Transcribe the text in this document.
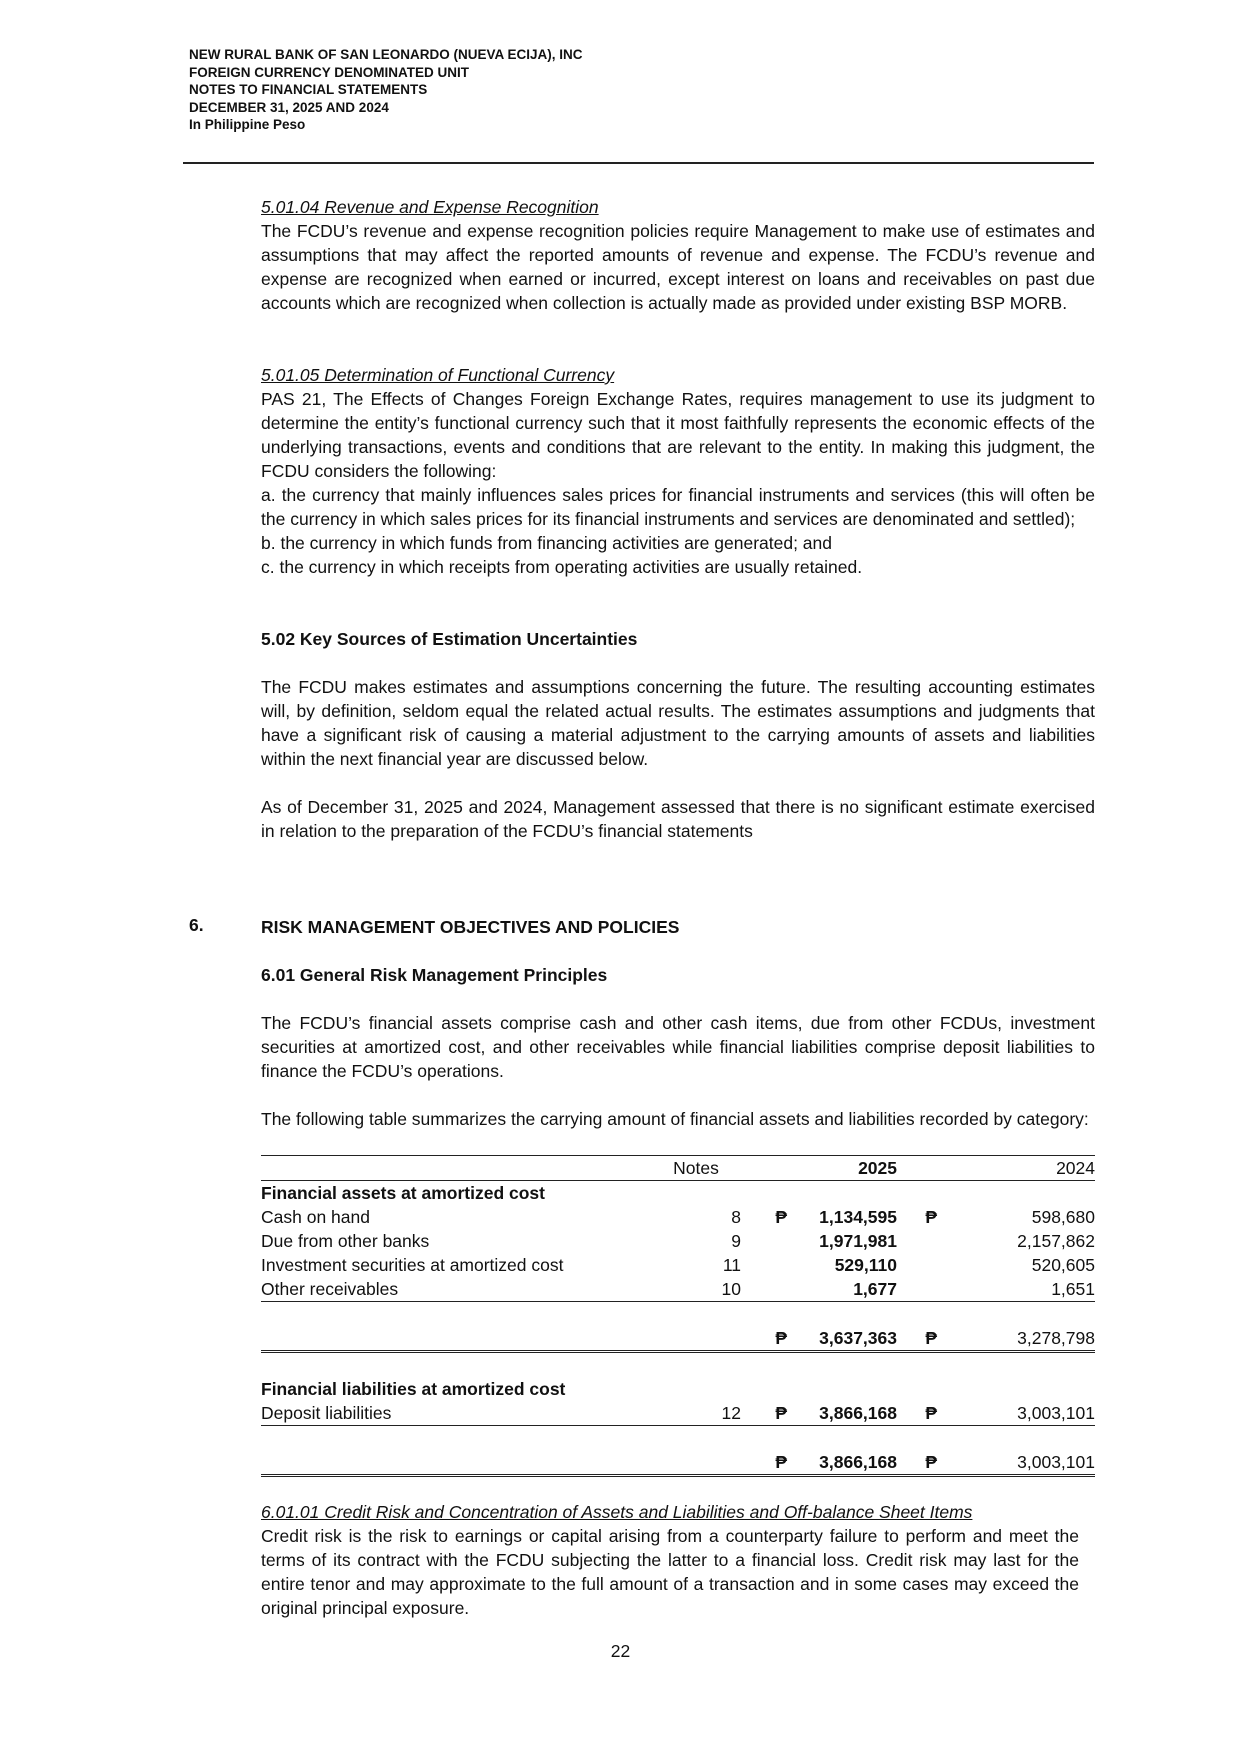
NEW RURAL BANK OF SAN LEONARDO (NUEVA ECIJA), INC
FOREIGN CURRENCY DENOMINATED UNIT
NOTES TO FINANCIAL STATEMENTS
DECEMBER 31, 2025 AND 2024
In Philippine Peso

5.01.04 Revenue and Expense Recognition

The FCDU’s revenue and expense recognition policies require Management to make use of estimates and assumptions that may affect the reported amounts of revenue and expense. The FCDU’s revenue and expense are recognized when earned or incurred, except interest on loans and receivables on past due accounts which are recognized when collection is actually made as provided under existing BSP MORB.

5.01.05 Determination of Functional Currency

PAS 21, The Effects of Changes Foreign Exchange Rates, requires management to use its judgment to determine the entity’s functional currency such that it most faithfully represents the economic effects of the underlying transactions, events and conditions that are relevant to the entity. In making this judgment, the FCDU considers the following:

a. the currency that mainly influences sales prices for financial instruments and services (this will often be the currency in which sales prices for its financial instruments and services are denominated and settled);

b. the currency in which funds from financing activities are generated; and

c. the currency in which receipts from operating activities are usually retained.

5.02 Key Sources of Estimation Uncertainties

The FCDU makes estimates and assumptions concerning the future. The resulting accounting estimates will, by definition, seldom equal the related actual results. The estimates assumptions and judgments that have a significant risk of causing a material adjustment to the carrying amounts of assets and liabilities within the next financial year are discussed below.

As of December 31, 2025 and 2024, Management assessed that there is no significant estimate exercised in relation to the preparation of the FCDU’s financial statements

6.	RISK MANAGEMENT OBJECTIVES AND POLICIES

6.01 General Risk Management Principles

The FCDU’s financial assets comprise cash and other cash items, due from other FCDUs, investment securities at amortized cost, and other receivables while financial liabilities comprise deposit liabilities to finance the FCDU’s operations.

The following table summarizes the carrying amount of financial assets and liabilities recorded by category:

	Notes		2025		2024
Financial assets at amortized cost					
Cash on hand	8	₱	1,134,595	₱	598,680
Due from other banks	9		1,971,981		2,157,862
Investment securities at amortized cost	11		529,110		520,605
Other receivables	10		1,677		1,651

		₱	3,637,363	₱	3,278,798

Financial liabilities at amortized cost					
Deposit liabilities	12	₱	3,866,168	₱	3,003,101

		₱	3,866,168	₱	3,003,101

6.01.01 Credit Risk and Concentration of Assets and Liabilities and Off-balance Sheet Items

Credit risk is the risk to earnings or capital arising from a counterparty failure to perform and meet the terms of its contract with the FCDU subjecting the latter to a financial loss. Credit risk may last for the entire tenor and may approximate to the full amount of a transaction and in some cases may exceed the original principal exposure.

22
